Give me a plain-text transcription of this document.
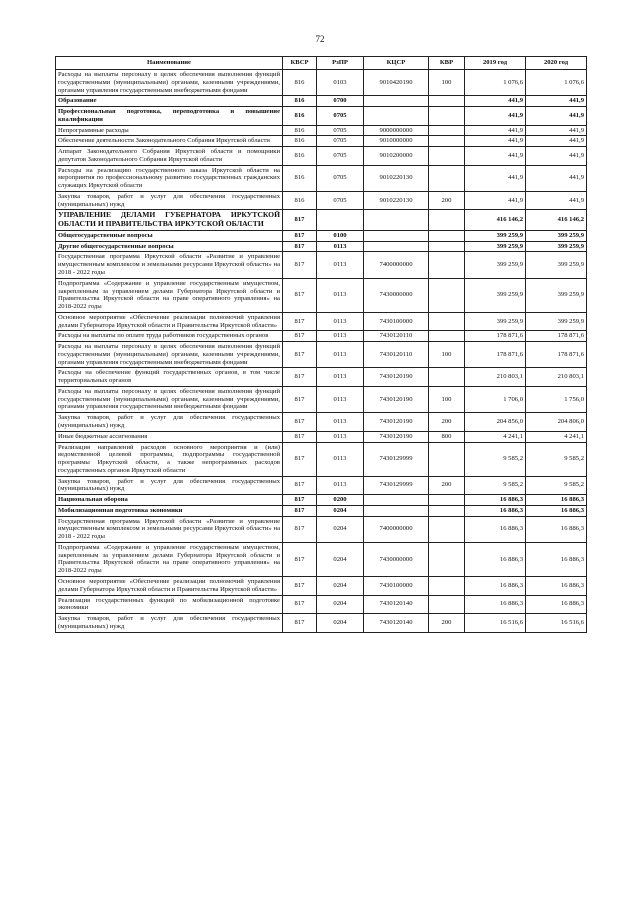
72
Наименование	КВСР	РзПР	КЦСР	КВР	2019 год	2020 год
Расходы на выплаты персоналу в целях обеспечения выполнения функций государственными (муниципальными) органами, казенными учреждениями, органами управления государственными внебюджетными фондами	816	0103	9010420190	100	1 076,6	1 076,6
Образование	816	0700			441,9	441,9
Профессиональная подготовка, переподготовка и повышение квалификации	816	0705			441,9	441,9
Непрограммные расходы	816	0705	9000000000		441,9	441,9
Обеспечение деятельности Законодательного Собрания Иркутской области	816	0705	9010000000		441,9	441,9
Аппарат Законодательного Собрания Иркутской области и помощники депутатов Законодательного Собрания Иркутской области	816	0705	9010200000		441,9	441,9
Расходы на реализацию государственного заказа Иркутской области на мероприятия по профессиональному развитию государственных гражданских служащих Иркутской области	816	0705	9010220130		441,9	441,9
Закупка товаров, работ и услуг для обеспечения государственных (муниципальных) нужд	816	0705	9010220130	200	441,9	441,9
УПРАВЛЕНИЕ ДЕЛАМИ ГУБЕРНАТОРА ИРКУТСКОЙ ОБЛАСТИ И ПРАВИТЕЛЬСТВА ИРКУТСКОЙ ОБЛАСТИ	817				416 146,2	416 146,2
Общегосударственные вопросы	817	0100			399 259,9	399 259,9
Другие общегосударственные вопросы	817	0113			399 259,9	399 259,9
Государственная программа Иркутской области «Развитие и управление имущественным комплексом и земельными ресурсами Иркутской области» на 2018 - 2022 годы	817	0113	7400000000		399 259,9	399 259,9
Подпрограмма «Содержание и управление государственным имуществом, закрепленным за управлением делами Губернатора Иркутской области и Правительства Иркутской области на праве оперативного управления» на 2018-2022 годы	817	0113	7430000000		399 259,9	399 259,9
Основное мероприятие «Обеспечение реализации полномочий управления делами Губернатора Иркутской области и Правительства Иркутской области»	817	0113	7430100000		399 259,9	399 259,9
Расходы на выплаты по оплате труда работников государственных органов	817	0113	7430120110		178 871,6	178 871,6
Расходы на выплаты персоналу в целях обеспечения выполнения функций государственными (муниципальными) органами, казенными учреждениями, органами управления государственными внебюджетными фондами	817	0113	7430120110	100	178 871,6	178 871,6
Расходы на обеспечение функций государственных органов, в том числе территориальных органов	817	0113	7430120190		210 803,1	210 803,1
Расходы на выплаты персоналу в целях обеспечения выполнения функций государственными (муниципальными) органами, казенными учреждениями, органами управления государственными внебюджетными фондами	817	0113	7430120190	100	1 706,0	1 756,0
Закупка товаров, работ и услуг для обеспечения государственных (муниципальных) нужд	817	0113	7430120190	200	204 856,0	204 806,0
Иные бюджетные ассигнования	817	0113	7430120190	800	4 241,1	4 241,1
Реализация направлений расходов основного мероприятия и (или) ведомственной целевой программы, подпрограммы государственной программы Иркутской области, а также непрограммных расходов государственных органов Иркутской области	817	0113	7430129999		9 585,2	9 585,2
Закупка товаров, работ и услуг для обеспечения государственных (муниципальных) нужд	817	0113	7430129999	200	9 585,2	9 585,2
Национальная оборона	817	0200			16 886,3	16 886,3
Мобилизационная подготовка экономики	817	0204			16 886,3	16 886,3
Государственная программа Иркутской области «Развитие и управление имущественным комплексом и земельными ресурсами Иркутской области» на 2018 - 2022 годы	817	0204	7400000000		16 886,3	16 886,3
Подпрограмма «Содержание и управление государственным имуществом, закрепленным за управлением делами Губернатора Иркутской области и Правительства Иркутской области на праве оперативного управления» на 2018-2022 годы	817	0204	7430000000		16 886,3	16 886,3
Основное мероприятие «Обеспечение реализации полномочий управления делами Губернатора Иркутской области и Правительства Иркутской области»	817	0204	7430100000		16 886,3	16 886,3
Реализация государственных функций по мобилизационной подготовке экономики	817	0204	7430120140		16 886,3	16 886,3
Закупка товаров, работ и услуг для обеспечения государственных (муниципальных) нужд	817	0204	7430120140	200	16 516,6	16 516,6
